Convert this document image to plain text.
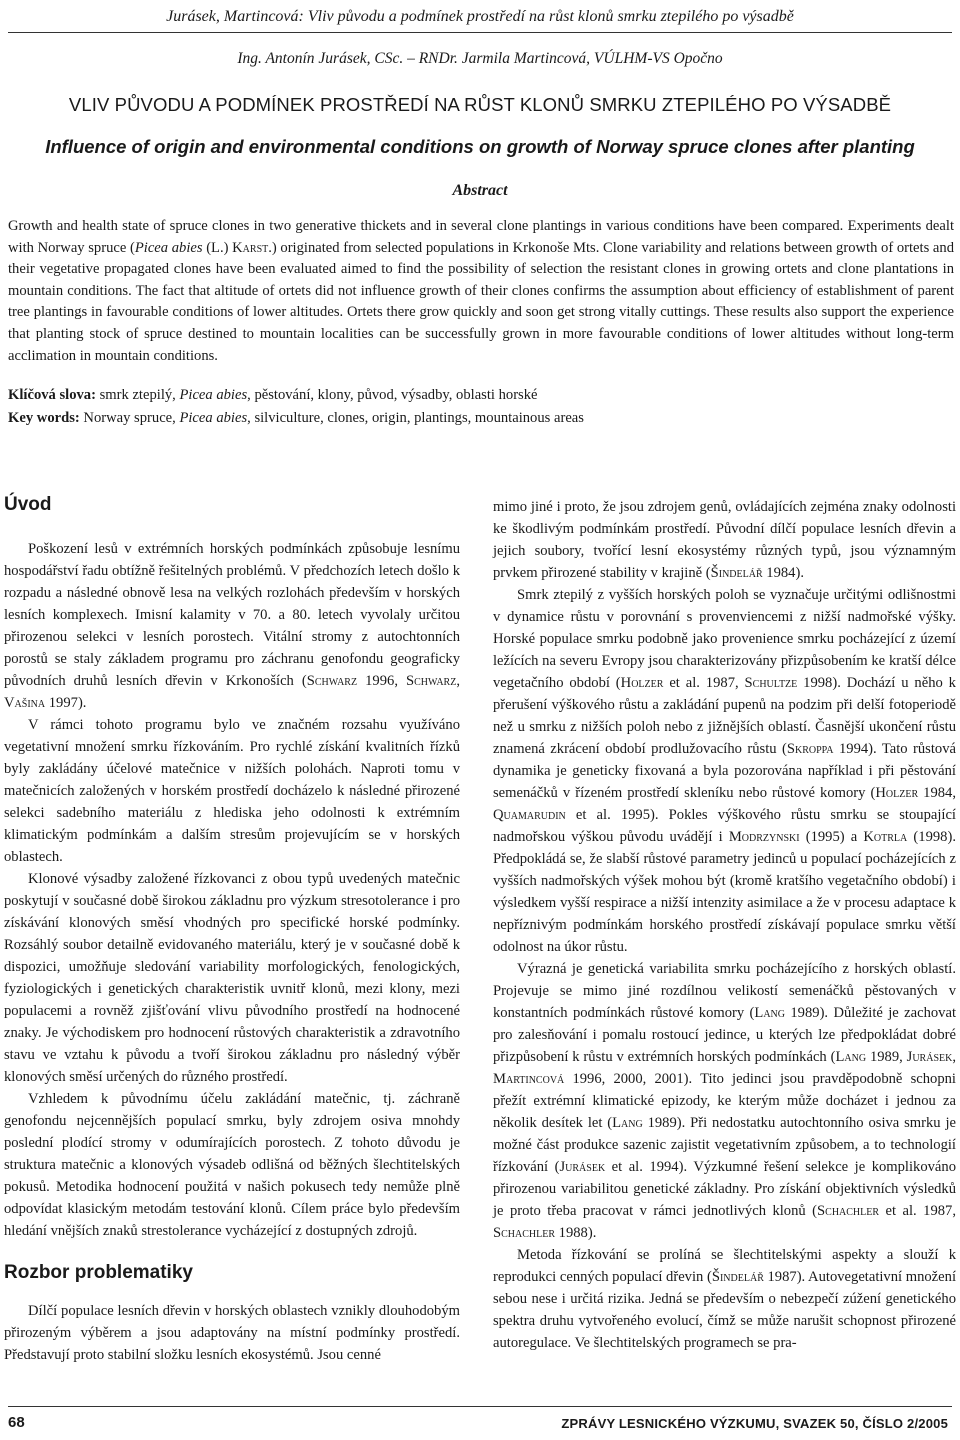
Jurásek, Martincová: Vliv původu a podmínek prostředí na růst klonů smrku ztepilého po výsadbě
Ing. Antonín Jurásek, CSc. – RNDr. Jarmila Martincová, VÚLHM-VS Opočno
VLIV PŮVODU A PODMÍNEK PROSTŘEDÍ NA RŮST KLONŮ SMRKU ZTEPILÉHO PO VÝSADBĚ
Influence of origin and environmental conditions on growth of Norway spruce clones after planting
Abstract
Growth and health state of spruce clones in two generative thickets and in several clone plantings in various conditions have been compared. Experiments dealt with Norway spruce (Picea abies (L.) Karst.) originated from selected populations in Krkonoše Mts. Clone variability and relations between growth of ortets and their vegetative propagated clones have been evaluated aimed to find the possibility of selection the resistant clones in growing ortets and clone plantations in mountain conditions. The fact that altitude of ortets did not influence growth of their clones confirms the assumption about efficiency of establishment of parent tree plantings in favourable conditions of lower altitudes. Ortets there grow quickly and soon get strong vitally cuttings. These results also support the experience that planting stock of spruce destined to mountain localities can be successfully grown in more favourable conditions of lower altitudes without long-term acclimation in mountain conditions.
Klíčová slova: smrk ztepilý, Picea abies, pěstování, klony, původ, výsadby, oblasti horské
Key words: Norway spruce, Picea abies, silviculture, clones, origin, plantings, mountainous areas
Úvod

Poškození lesů v extrémních horských podmínkách způsobuje lesnímu hospodářství řadu obtížně řešitelných problémů. V předchozích letech došlo k rozpadu a následné obnově lesa na velkých rozlohách především v horských lesních komplexech. Imisní kalamity v 70. a 80. letech vyvolaly určitou přirozenou selekci v lesních porostech. Vitální stromy z autochtonních porostů se staly základem programu pro záchranu genofondu geograficky původních druhů lesních dřevin v Krkonoších (Schwarz 1996, Schwarz, Vašina 1997).

V rámci tohoto programu bylo ve značném rozsahu využíváno vegetativní množení smrku řízkováním. Pro rychlé získání kvalitních řízků byly zakládány účelové matečnice v nižších polohách. Naproti tomu v matečnicích založených v horském prostředí docházelo k následné přirozené selekci sadebního materiálu z hlediska jeho odolnosti k extrémním klimatickým podmínkám a dalším stresům projevujícím se v horských oblastech.

Klonové výsadby založené řízkovanci z obou typů uvedených matečnic poskytují v současné době širokou základnu pro výzkum stresotolerance i pro získávání klonových směsí vhodných pro specifické horské podmínky. Rozsáhlý soubor detailně evidovaného materiálu, který je v současné době k dispozici, umožňuje sledování variability morfologických, fenologických, fyziologických i genetických charakteristik uvnitř klonů, mezi klony, mezi populacemi a rovněž zjišťování vlivu původního prostředí na hodnocené znaky. Je východiskem pro hodnocení růstových charakteristik a zdravotního stavu ve vztahu k původu a tvoří širokou základnu pro následný výběr klonových směsí určených do různého prostředí.

Vzhledem k původnímu účelu zakládání matečnic, tj. záchraně genofondu nejcennějších populací smrku, byly zdrojem osiva mnohdy poslední plodící stromy v odumírajících porostech. Z tohoto důvodu je struktura matečnic a klonových výsadeb odlišná od běžných šlechtitelských pokusů. Metodika hodnocení použitá v našich pokusech tedy nemůže plně odpovídat klasickým metodám testování klonů. Cílem práce bylo především hledání vnějších znaků strestolerance vycházející z dostupných zdrojů.

Rozbor problematiky

Dílčí populace lesních dřevin v horských oblastech vznikly dlouhodobým přirozeným výběrem a jsou adaptovány na místní podmínky prostředí. Představují proto stabilní složku lesních ekosystémů. Jsou cenné

mimo jiné i proto, že jsou zdrojem genů, ovládajících zejména znaky odolnosti ke škodlivým podmínkám prostředí. Původní dílčí populace lesních dřevin a jejich soubory, tvořící lesní ekosystémy různých typů, jsou významným prvkem přirozené stability v krajině (Šindelář 1984).

Smrk ztepilý z vyšších horských poloh se vyznačuje určitými odlišnostmi v dynamice růstu v porovnání s provenviencemi z nižší nadmořské výšky. Horské populace smrku podobně jako provenience smrku pocházející z území ležících na severu Evropy jsou charakterizovány přizpůsobením ke kratší délce vegetačního období (Holzer et al. 1987, Schultze 1998). Dochází u něho k přerušení výškového růstu a zakládání pupenů na podzim při delší fotoperiodě než u smrku z nižších poloh nebo z jižnějších oblastí. Časnější ukončení růstu znamená zkrácení období prodlužovacího růstu (Skroppa 1994). Tato růstová dynamika je geneticky fixovaná a byla pozorována například i při pěstování semenáčků v řízeném prostředí skleníku nebo růstové komory (Holzer 1984, Quamarudin et al. 1995). Pokles výškového růstu smrku se stoupající nadmořskou výškou původu uvádějí i Modrzynski (1995) a Kotrla (1998). Předpokládá se, že slabší růstové parametry jedinců u populací pocházejících z vyšších nadmořských výšek mohou být (kromě kratšího vegetačního období) i výsledkem vyšší respirace a nižší intenzity asimilace a že v procesu adaptace k nepříznivým podmínkám horského prostředí získávají populace smrku větší odolnost na úkor růstu.

Výrazná je genetická variabilita smrku pocházejícího z horských oblastí. Projevuje se mimo jiné rozdílnou velikostí semenáčků pěstovaných v konstantních podmínkách růstové komory (Lang 1989). Důležité je zachovat pro zalesňování i pomalu rostoucí jedince, u kterých lze předpokládat dobré přizpůsobení k růstu v extrémních horských podmínkách (Lang 1989, Jurásek, Martincová 1996, 2000, 2001). Tito jedinci jsou pravděpodobně schopni přežít extrémní klimatické epizody, ke kterým může docházet i jednou za několik desítek let (Lang 1989). Při nedostatku autochtonního osiva smrku je možné část produkce sazenic zajistit vegetativním způsobem, a to technologií řízkování (Jurásek et al. 1994). Výzkumné řešení selekce je komplikováno přirozenou variabilitou genetické základny. Pro získání objektivních výsledků je proto třeba pracovat v rámci jednotlivých klonů (Schachler et al. 1987, Schachler 1988).

Metoda řízkování se prolíná se šlechtitelskými aspekty a slouží k reprodukci cenných populací dřevin (Šindelář 1987). Autovegetativní množení sebou nese i určitá rizika. Jedná se především o nebezpečí zúžení genetického spektra druhu vytvořeného evolucí, čímž se může narušit schopnost přirozené autoregulace. Ve šlechtitelských programech se pra-

68	ZPRÁVY LESNICKÉHO VÝZKUMU, SVAZEK 50, ČÍSLO 2/2005
